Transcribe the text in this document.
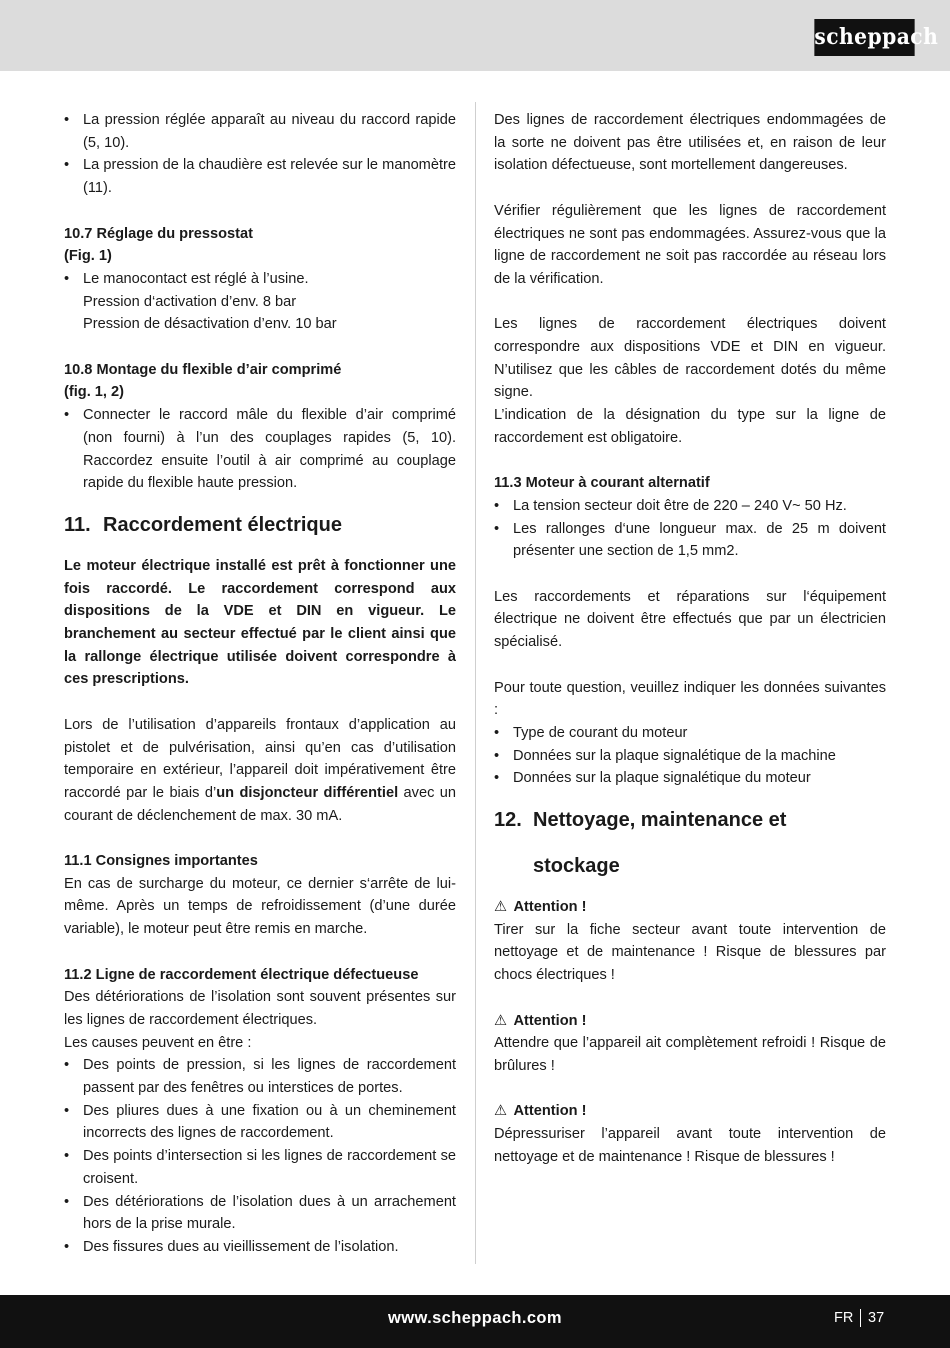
scheppach
• La pression réglée apparaît au niveau du raccord rapide (5, 10).
• La pression de la chaudière est relevée sur le manomètre (11).
10.7 Réglage du pressostat
(Fig. 1)
• Le manocontact est réglé à l’usine.
Pression d‘activation d’env. 8 bar
Pression de désactivation d’env. 10 bar
10.8 Montage du flexible d’air comprimé
(fig. 1, 2)
• Connecter le raccord mâle du flexible d’air comprimé (non fourni) à l’un des couplages rapides (5, 10). Raccordez ensuite l’outil à air comprimé au couplage rapide du flexible haute pression.
11. Raccordement électrique

Le moteur électrique installé est prêt à fonctionner une fois raccordé. Le raccordement correspond aux dispositions de la VDE et DIN en vigueur. Le branchement au secteur effectué par le client ainsi que la rallonge électrique utilisée doivent correspondre à ces prescriptions.

Lors de l’utilisation d’appareils frontaux d’application au pistolet et de pulvérisation, ainsi qu’en cas d’utilisation temporaire en extérieur, l’appareil doit impérativement être raccordé par le biais d’un disjoncteur différentiel avec un courant de déclenchement de max. 30 mA.

11.1 Consignes importantes

En cas de surcharge du moteur, ce dernier s‘arrête de lui-même. Après un temps de refroidissement (d’une durée variable), le moteur peut être remis en marche.

11.2 Ligne de raccordement électrique défectueuse

Des détériorations de l’isolation sont souvent présentes sur les lignes de raccordement électriques.

Les causes peuvent en être :

• Des points de pression, si les lignes de raccordement passent par des fenêtres ou interstices de portes.
• Des pliures dues à une fixation ou à un cheminement incorrects des lignes de raccordement.
• Des points d’intersection si les lignes de raccordement se croisent.
• Des détériorations de l’isolation dues à un arrachement hors de la prise murale.
• Des fissures dues au vieillissement de l’isolation.

Des lignes de raccordement électriques endommagées de la sorte ne doivent pas être utilisées et, en raison de leur isolation défectueuse, sont mortellement dangereuses.

Vérifier régulièrement que les lignes de raccordement électriques ne sont pas endommagées. Assurez-vous que la ligne de raccordement ne soit pas raccordée au réseau lors de la vérification.

Les lignes de raccordement électriques doivent correspondre aux dispositions VDE et DIN en vigueur. N’utilisez que les câbles de raccordement dotés du même signe.

L’indication de la désignation du type sur la ligne de raccordement est obligatoire.

11.3 Moteur à courant alternatif
• La tension secteur doit être de 220 – 240 V~ 50 Hz.
• Les rallonges d‘une longueur max. de 25 m doivent présenter une section de 1,5 mm2.

Les raccordements et réparations sur l‘équipement électrique ne doivent être effectués que par un électricien spécialisé.

Pour toute question, veuillez indiquer les données suivantes :

• Type de courant du moteur
• Données sur la plaque signalétique de la machine
• Données sur la plaque signalétique du moteur
12. Nettoyage, maintenance et
stockage
⚠ Attention !

Tirer sur la fiche secteur avant toute intervention de nettoyage et de maintenance ! Risque de blessures par chocs électriques !

⚠ Attention !

Attendre que l’appareil ait complètement refroidi ! Risque de brûlures !

⚠ Attention !

Dépressuriser l’appareil avant toute intervention de nettoyage et de maintenance ! Risque de blessures !

www.scheppach.com	FR 37
